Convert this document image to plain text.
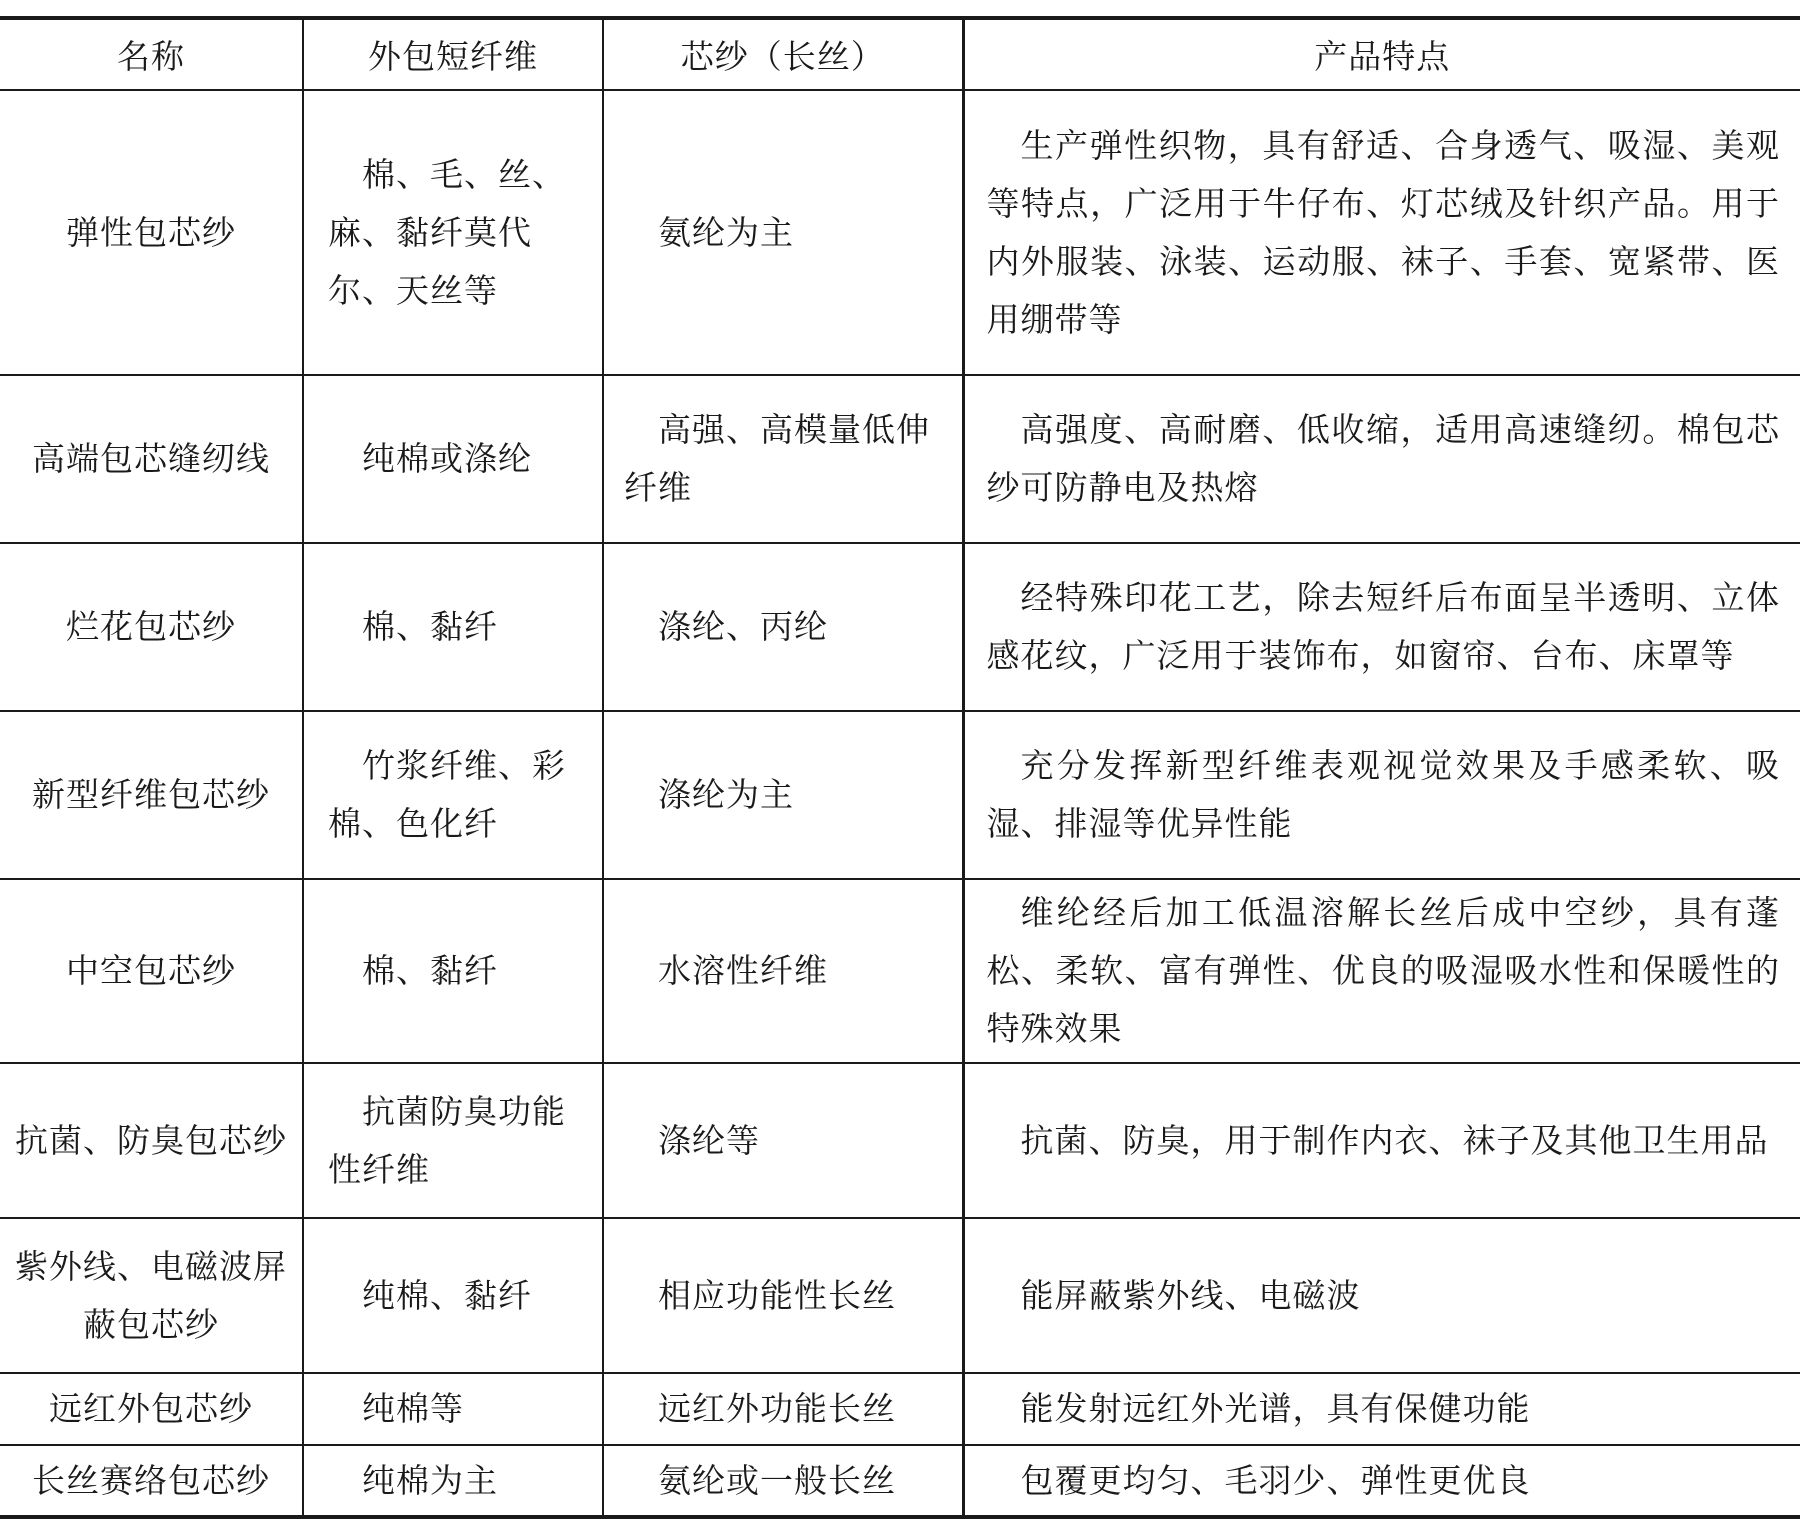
名称	外包短纤维	芯纱（长丝）	产品特点
弹性包芯纱	棉、毛、丝、麻、黏纤莫代尔、天丝等	氨纶为主	生产弹性织物，具有舒适、合身透气、吸湿、美观等特点，广泛用于牛仔布、灯芯绒及针织产品。用于内外服装、泳装、运动服、袜子、手套、宽紧带、医用绷带等
高端包芯缝纫线	纯棉或涤纶	高强、高模量低伸纤维	高强度、高耐磨、低收缩，适用高速缝纫。棉包芯纱可防静电及热熔
烂花包芯纱	棉、黏纤	涤纶、丙纶	经特殊印花工艺，除去短纤后布面呈半透明、立体感花纹，广泛用于装饰布，如窗帘、台布、床罩等
新型纤维包芯纱	竹浆纤维、彩棉、色化纤	涤纶为主	充分发挥新型纤维表观视觉效果及手感柔软、吸湿、排湿等优异性能
中空包芯纱	棉、黏纤	水溶性纤维	维纶经后加工低温溶解长丝后成中空纱，具有蓬松、柔软、富有弹性、优良的吸湿吸水性和保暖性的特殊效果
抗菌、防臭包芯纱	抗菌防臭功能性纤维	涤纶等	抗菌、防臭，用于制作内衣、袜子及其他卫生用品
紫外线、电磁波屏蔽包芯纱	纯棉、黏纤	相应功能性长丝	能屏蔽紫外线、电磁波
远红外包芯纱	纯棉等	远红外功能长丝	能发射远红外光谱，具有保健功能
长丝赛络包芯纱	纯棉为主	氨纶或一般长丝	包覆更均匀、毛羽少、弹性更优良
